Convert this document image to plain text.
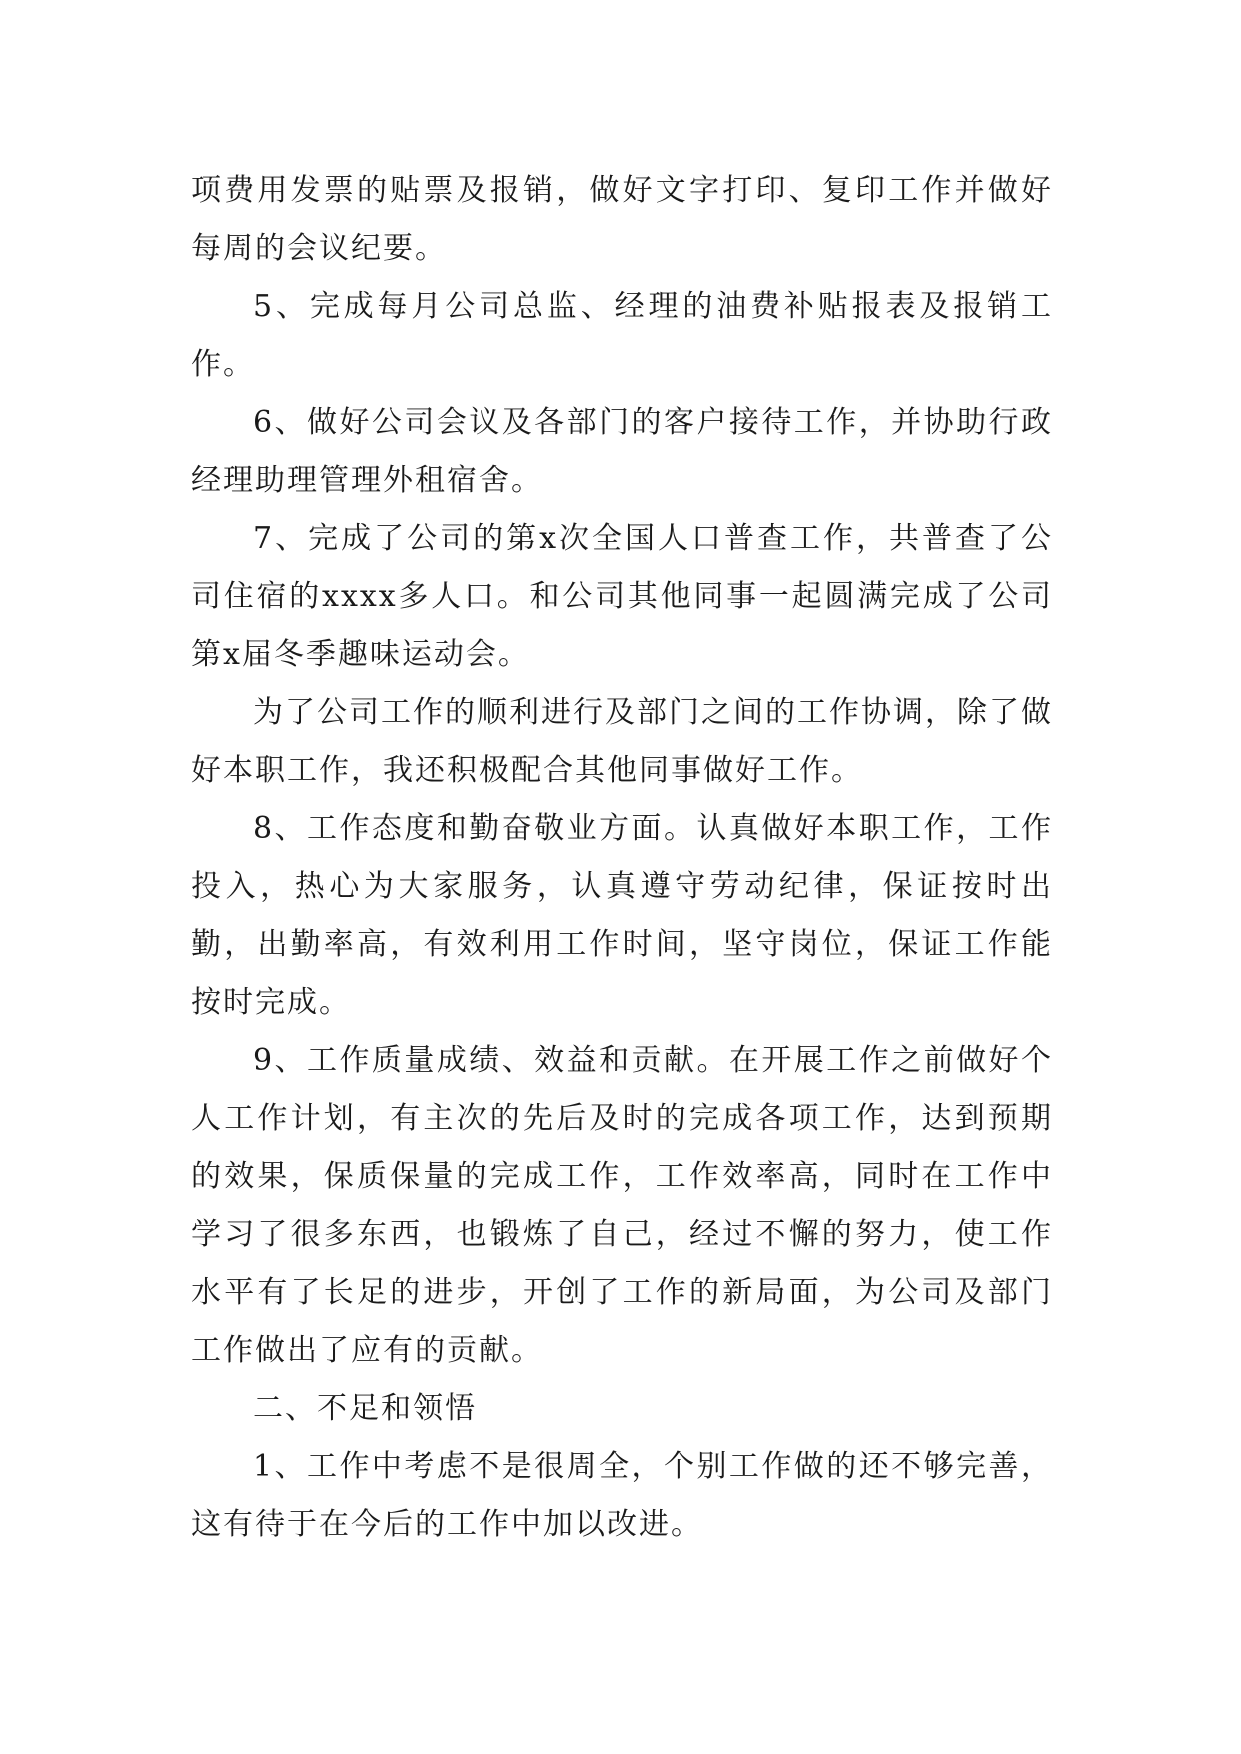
项费用发票的贴票及报销，做好文字打印、复印工作并做好每周的会议纪要。

5、完成每月公司总监、经理的油费补贴报表及报销工作。

6、做好公司会议及各部门的客户接待工作，并协助行政经理助理管理外租宿舍。

7、完成了公司的第x次全国人口普查工作，共普查了公司住宿的xxxx多人口。和公司其他同事一起圆满完成了公司第x届冬季趣味运动会。

为了公司工作的顺利进行及部门之间的工作协调，除了做好本职工作，我还积极配合其他同事做好工作。

8、工作态度和勤奋敬业方面。认真做好本职工作，工作投入，热心为大家服务，认真遵守劳动纪律，保证按时出勤，出勤率高，有效利用工作时间，坚守岗位，保证工作能按时完成。

9、工作质量成绩、效益和贡献。在开展工作之前做好个人工作计划，有主次的先后及时的完成各项工作，达到预期的效果，保质保量的完成工作，工作效率高，同时在工作中学习了很多东西，也锻炼了自己，经过不懈的努力，使工作水平有了长足的进步，开创了工作的新局面，为公司及部门工作做出了应有的贡献。

二、不足和领悟

1、工作中考虑不是很周全，个别工作做的还不够完善，这有待于在今后的工作中加以改进。
